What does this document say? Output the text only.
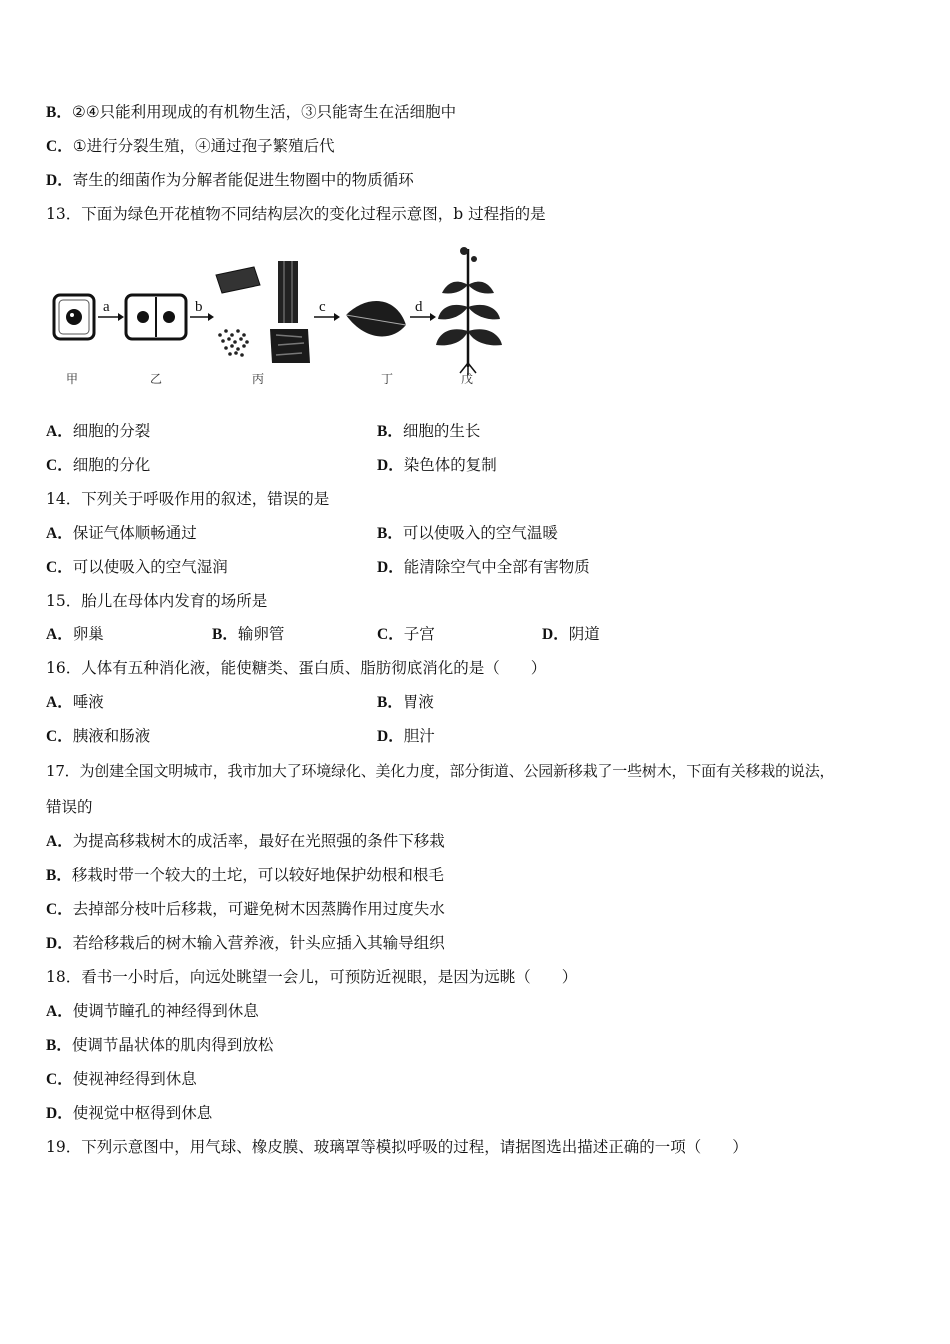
B．②④只能利用现成的有机物生活，③只能寄生在活细胞中
C．①进行分裂生殖，④通过孢子繁殖后代
D．寄生的细菌作为分解者能促进生物圈中的物质循环
13．下面为绿色开花植物不同结构层次的变化过程示意图，b 过程指的是
a	b	c	d
甲	乙	丙	丁	戊
A．细胞的分裂	B．细胞的生长
C．细胞的分化	D．染色体的复制
14．下列关于呼吸作用的叙述，错误的是
A．保证气体顺畅通过	B．可以使吸入的空气温暖
C．可以使吸入的空气湿润	D．能清除空气中全部有害物质
15．胎儿在母体内发育的场所是
A．卵巢	B．输卵管	C．子宫	D．阴道
16．人体有五种消化液，能使糖类、蛋白质、脂肪彻底消化的是（　　）
A．唾液	B．胃液
C．胰液和肠液	D．胆汁
17．为创建全国文明城市，我市加大了环境绿化、美化力度，部分街道、公园新移栽了一些树木，下面有关移栽的说法，
错误的
A．为提高移栽树木的成活率，最好在光照强的条件下移栽
B．移栽时带一个较大的土坨，可以较好地保护幼根和根毛
C．去掉部分枝叶后移栽，可避免树木因蒸腾作用过度失水
D．若给移栽后的树木输入营养液，针头应插入其输导组织
18．看书一小时后，向远处眺望一会儿，可预防近视眼，是因为远眺（　　）
A．使调节瞳孔的神经得到休息
B．使调节晶状体的肌肉得到放松
C．使视神经得到休息
D．使视觉中枢得到休息
19．下列示意图中，用气球、橡皮膜、玻璃罩等模拟呼吸的过程，请据图选出描述正确的一项（　　）
